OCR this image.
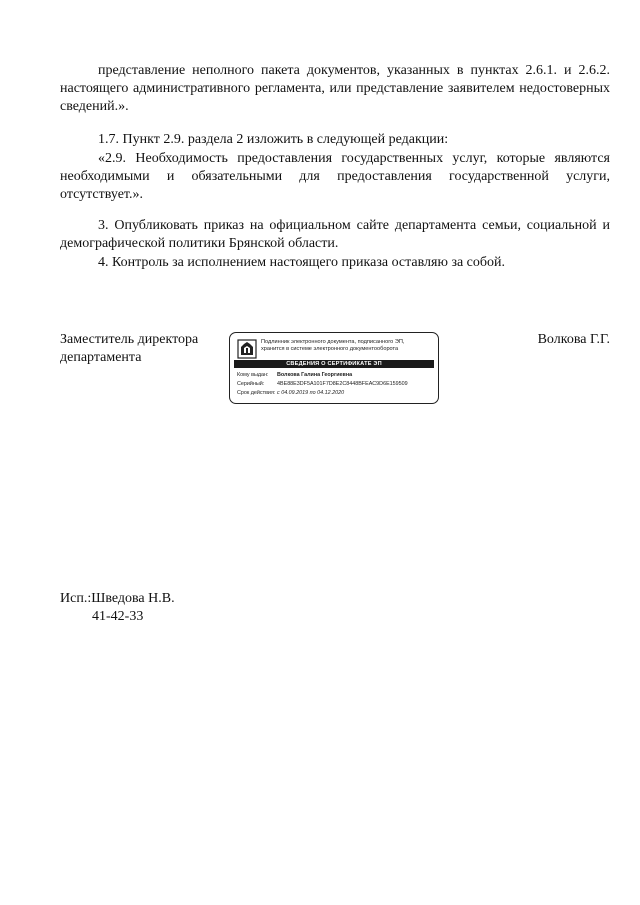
представление неполного пакета документов, указанных в пунктах 2.6.1. и 2.6.2. настоящего административного регламента, или представление заявителем недостоверных сведений.».
1.7. Пункт 2.9. раздела 2 изложить в следующей редакции:
«2.9. Необходимость предоставления государственных услуг, которые являются необходимыми и обязательными для предоставления государственной услуги, отсутствует.».
3. Опубликовать приказ на официальном сайте департамента семьи, социальной и демографической политики Брянской области.
4. Контроль за исполнением настоящего приказа оставляю за собой.
Заместитель директора
департамента
Подлинник электронного документа, подписанного ЭП,
хранится в системе электронного документооборота
СВЕДЕНИЯ О СЕРТИФИКАТЕ ЭП
Кому выдан: Волкова Галина Георгиевна
Серийный: 4BE88E3DF5A101F7D8E2C8448BFEAC9D6E159509
Срок действия: с 04.09.2019 по 04.12.2020
Волкова Г.Г.
Исп.:Шведова Н.В.
41-42-33
